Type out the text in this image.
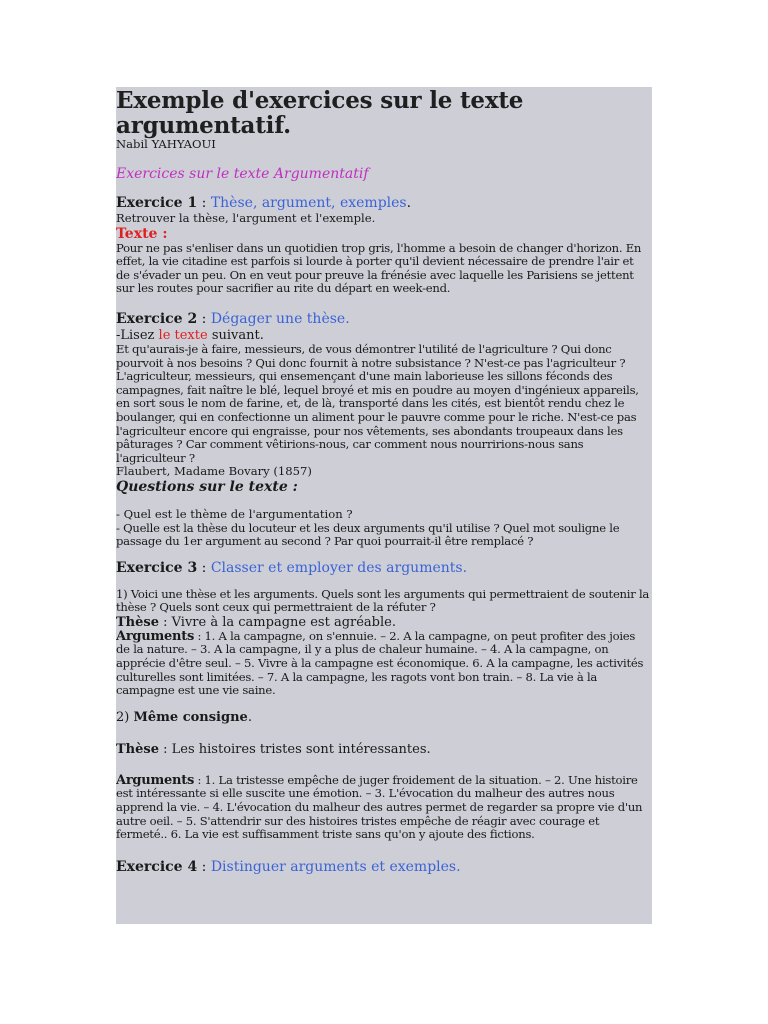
Exemple d'exercices sur le texte argumentatif.

Nabil YAHYAOUI

Exercices sur le texte Argumentatif

Exercice 1 : Thèse, argument, exemples.

Retrouver la thèse, l'argument et l'exemple.

Texte :

Pour ne pas s'enliser dans un quotidien trop gris, l'homme a besoin de changer d'horizon. En effet, la vie citadine est parfois si lourde à porter qu'il devient nécessaire de prendre l'air et de s'évader un peu. On en veut pour preuve la frénésie avec laquelle les Parisiens se jettent sur les routes pour sacrifier au rite du départ en week-end.

Exercice 2 : Dégager une thèse.

-Lisez le texte suivant.

Et qu'aurais-je à faire, messieurs, de vous démontrer l'utilité de l'agriculture ? Qui donc pourvoit à nos besoins ? Qui donc fournit à notre subsistance ? N'est-ce pas l'agriculteur ? L'agriculteur, messieurs, qui ensemençant d'une main laborieuse les sillons féconds des campagnes, fait naître le blé, lequel broyé et mis en poudre au moyen d'ingénieux appareils, en sort sous le nom de farine, et, de là, transporté dans les cités, est bientôt rendu chez le boulanger, qui en confectionne un aliment pour le pauvre comme pour le riche. N'est-ce pas l'agriculteur encore qui engraisse, pour nos vêtements, ses abondants troupeaux dans les pâturages ? Car comment vêtirions-nous, car comment nous nourririons-nous sans l'agriculteur ?

Flaubert, Madame Bovary (1857)

Questions sur le texte :

- Quel est le thème de l'argumentation ?

- Quelle est la thèse du locuteur et les deux arguments qu'il utilise ? Quel mot souligne le passage du 1er argument au second ? Par quoi pourrait-il être remplacé ?

Exercice 3 : Classer et employer des arguments.

1) Voici une thèse et les arguments. Quels sont les arguments qui permettraient de soutenir la thèse ? Quels sont ceux qui permettraient de la réfuter ?

Thèse : Vivre à la campagne est agréable.

Arguments : 1. A la campagne, on s'ennuie. – 2. A la campagne, on peut profiter des joies de la nature. – 3. A la campagne, il y a plus de chaleur humaine. – 4. A la campagne, on apprécie d'être seul. – 5. Vivre à la campagne est économique. 6. A la campagne, les activités culturelles sont limitées. – 7. A la campagne, les ragots vont bon train. – 8. La vie à la campagne est une vie saine.

2) Même consigne.

Thèse : Les histoires tristes sont intéressantes.

Arguments : 1. La tristesse empêche de juger froidement de la situation. – 2. Une histoire est intéressante si elle suscite une émotion. – 3. L'évocation du malheur des autres nous apprend la vie. – 4. L'évocation du malheur des autres permet de regarder sa propre vie d'un autre oeil. – 5. S'attendrir sur des histoires tristes empêche de réagir avec courage et fermeté.. 6. La vie est suffisamment triste sans qu'on y ajoute des fictions.

Exercice 4 : Distinguer arguments et exemples.
